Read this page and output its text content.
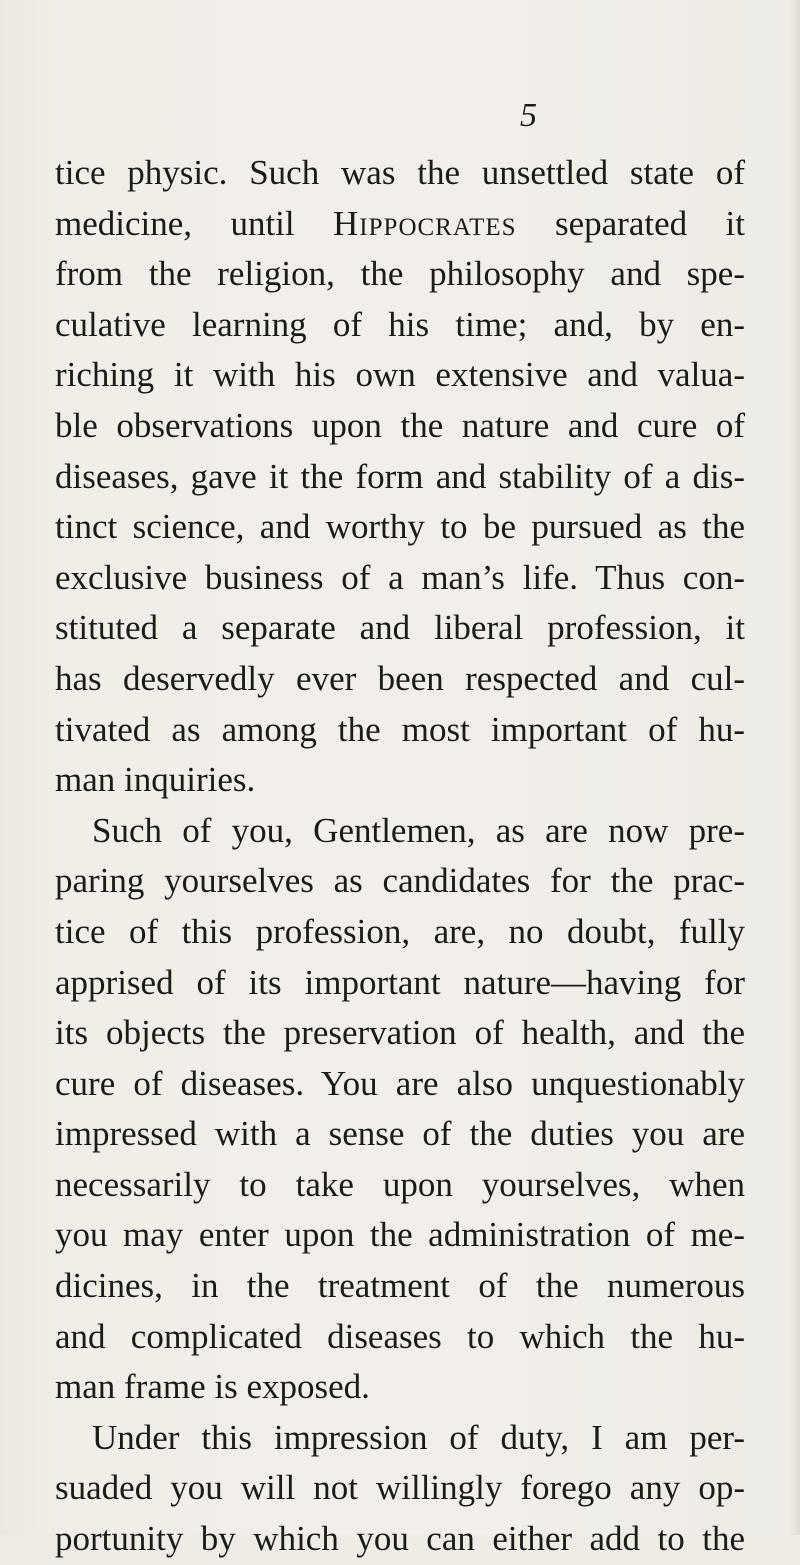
5
tice physic. Such was the unsettled state of
medicine, until Hippocrates separated it
from the religion, the philosophy and spe-
culative learning of his time; and, by en-
riching it with his own extensive and valua-
ble observations upon the nature and cure of
diseases, gave it the form and stability of a dis-
tinct science, and worthy to be pursued as the
exclusive business of a man’s life. Thus con-
stituted a separate and liberal profession, it
has deservedly ever been respected and cul-
tivated as among the most important of hu-
man inquiries.
Such of you, Gentlemen, as are now pre-
paring yourselves as candidates for the prac-
tice of this profession, are, no doubt, fully
apprised of its important nature—having for
its objects the preservation of health, and the
cure of diseases. You are also unquestionably
impressed with a sense of the duties you are
necessarily to take upon yourselves, when
you may enter upon the administration of me-
dicines, in the treatment of the numerous
and complicated diseases to which the hu-
man frame is exposed.
Under this impression of duty, I am per-
suaded you will not willingly forego any op-
portunity by which you can either add to the
